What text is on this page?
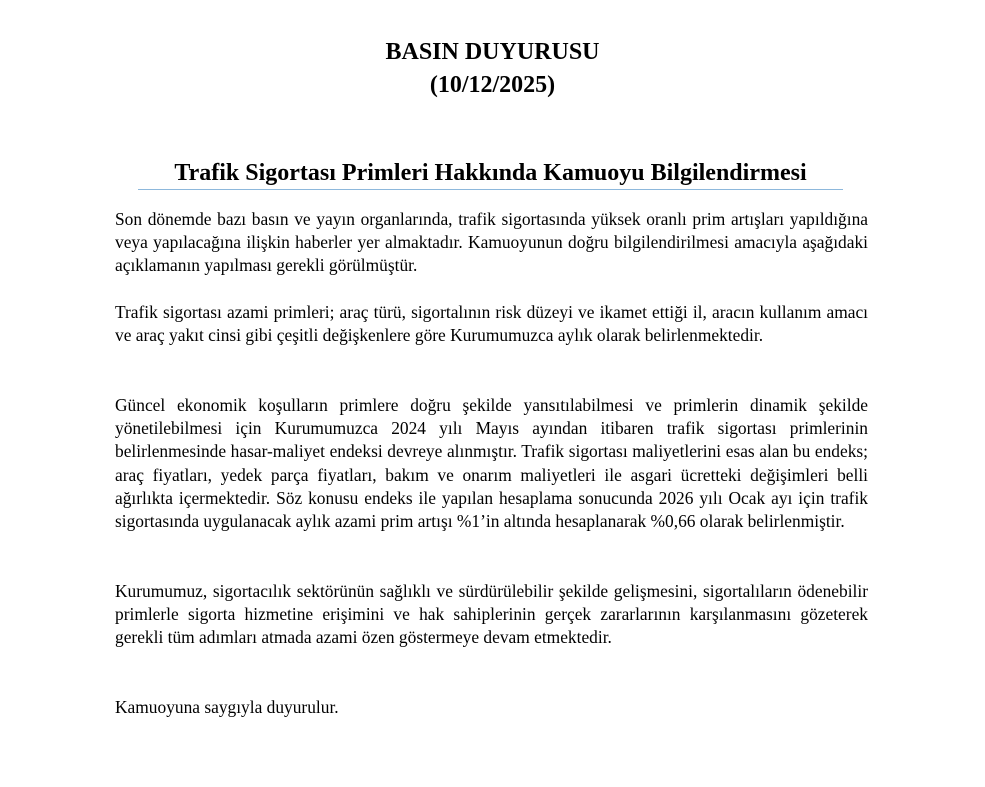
BASIN DUYURUSU
(10/12/2025)
Trafik Sigortası Primleri Hakkında Kamuoyu Bilgilendirmesi

Son dönemde bazı basın ve yayın organlarında, trafik sigortasında yüksek oranlı prim artışları yapıldığına veya yapılacağına ilişkin haberler yer almaktadır. Kamuoyunun doğru bilgilendirilmesi amacıyla aşağıdaki açıklamanın yapılması gerekli görülmüştür.

Trafik sigortası azami primleri; araç türü, sigortalının risk düzeyi ve ikamet ettiği il, aracın kullanım amacı ve araç yakıt cinsi gibi çeşitli değişkenlere göre Kurumumuzca aylık olarak belirlenmektedir.

Güncel ekonomik koşulların primlere doğru şekilde yansıtılabilmesi ve primlerin dinamik şekilde yönetilebilmesi için Kurumumuzca 2024 yılı Mayıs ayından itibaren trafik sigortası primlerinin belirlenmesinde hasar-maliyet endeksi devreye alınmıştır. Trafik sigortası maliyetlerini esas alan bu endeks; araç fiyatları, yedek parça fiyatları, bakım ve onarım maliyetleri ile asgari ücretteki değişimleri belli ağırlıkta içermektedir. Söz konusu endeks ile yapılan hesaplama sonucunda 2026 yılı Ocak ayı için trafik sigortasında uygulanacak aylık azami prim artışı %1’in altında hesaplanarak %0,66 olarak belirlenmiştir.

Kurumumuz, sigortacılık sektörünün sağlıklı ve sürdürülebilir şekilde gelişmesini, sigortalıların ödenebilir primlerle sigorta hizmetine erişimini ve hak sahiplerinin gerçek zararlarının karşılanmasını gözeterek gerekli tüm adımları atmada azami özen göstermeye devam etmektedir.

Kamuoyuna saygıyla duyurulur.
